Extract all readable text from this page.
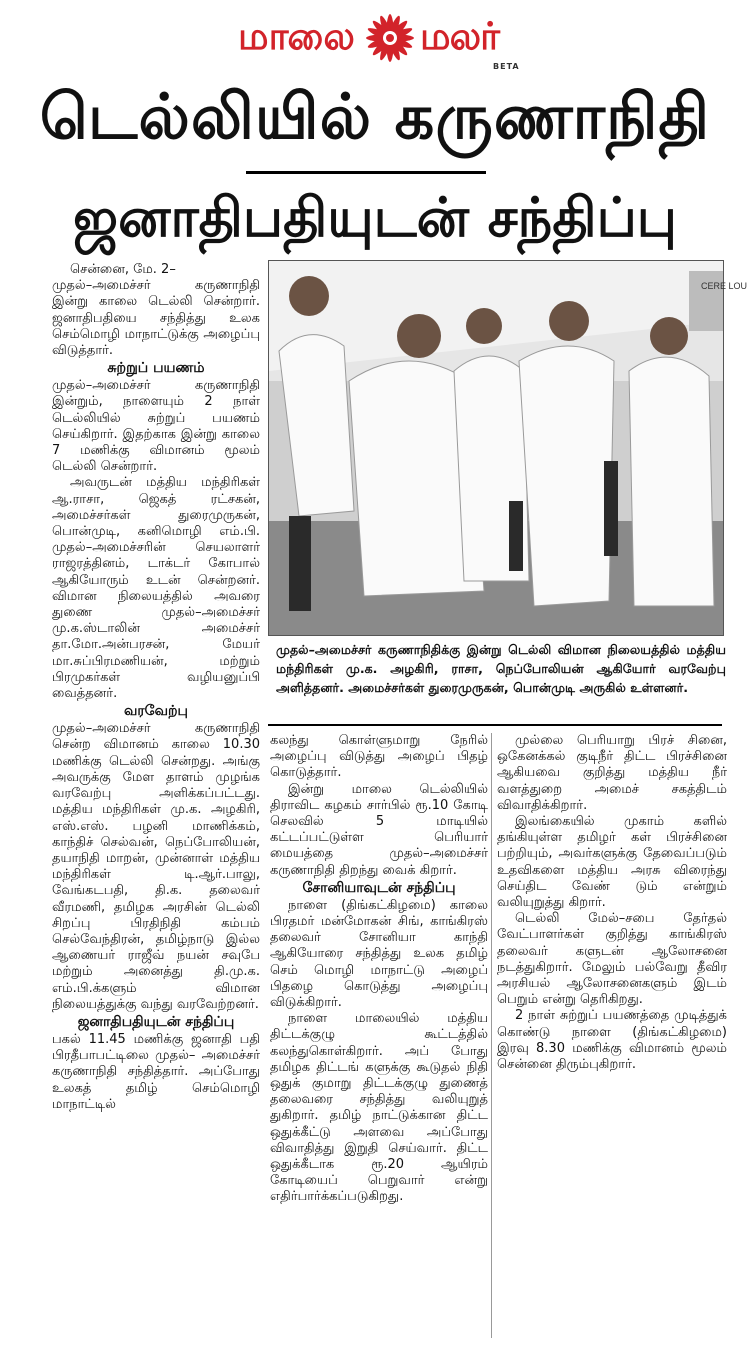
மாலை மலர்
BETA
டெல்லியில் கருணாநிதி
ஜனாதிபதியுடன் சந்திப்பு

சென்னை, மே. 2–

முதல்–அமைச்சர் கருணாநிதி இன்று காலை டெல்லி சென்றார். ஜனாதிபதியை சந்தித்து உலக செம்மொழி மாநாட்டுக்கு அழைப்பு விடுத்தார்.

சுற்றுப் பயணம்

முதல்–அமைச்சர் கருணாநிதி இன்றும், நாளையும் 2 நாள் டெல்லியில் சுற்றுப் பயணம் செய்கிறார். இதற்காக இன்று காலை 7 மணிக்கு விமானம் மூலம் டெல்லி சென்றார்.

அவருடன் மத்திய மந்திரிகள் ஆ.ராசா, ஜெகத் ரட்சகன், அமைச்சர்கள் துரைமுருகன், பொன்முடி, கனிமொழி எம்.பி. முதல்–அமைச்சரின் செயலாளர் ராஜரத்தினம், டாக்டர் கோபால் ஆகியோரும் உடன் சென்றனர். விமான நிலையத்தில் அவரை துணை முதல்–அமைச்சர் மு.க.ஸ்டாலின் அமைச்சர் தா.மோ.அன்பரசன், மேயர் மா.சுப்பிரமணியன், மற்றும் பிரமுகர்கள் வழியனுப்பி வைத்தனர்.

வரவேற்பு

முதல்–அமைச்சர் கருணாநிதி சென்ற விமானம் காலை 10.30 மணிக்கு டெல்லி சென்றது. அங்கு அவருக்கு மேள தாளம் முழங்க வரவேற்பு அளிக்கப்பட்டது. மத்திய மந்திரிகள் மு.க. அழகிரி, எஸ்.எஸ். பழனி மாணிக்கம், காந்திச் செல்வன், நெப்போலியன், தயாநிதி மாறன், முன்னாள் மத்திய மந்திரிகள் டி.ஆர்.பாலு, வேங்கடபதி, தி.க. தலைவர் வீரமணி, தமிழக அரசின் டெல்லி சிறப்பு பிரதிநிதி கம்பம் செல்வேந்திரன், தமிழ்நாடு இல்ல ஆணையர் ராஜீவ் நயன் சவுபே மற்றும் அனைத்து தி.மு.க. எம்.பி.க்களும் விமான நிலையத்துக்கு வந்து வரவேற்றனர்.

ஜனாதிபதியுடன் சந்திப்பு

பகல் 11.45 மணிக்கு ஜனாதி பதி பிரதீபாபட்டிலை முதல்– அமைச்சர் கருணாநிதி சந்தித்தார். அப்போது உலகத் தமிழ் செம்மொழி மாநாட்டில்

CERE LOU
முதல்–அமைச்சர் கருணாநிதிக்கு இன்று டெல்லி விமான நிலையத்தில் மத்திய மந்திரிகள் மு.க. அழகிரி, ராசா, நெப்போலியன் ஆகியோர் வரவேற்பு அளித்தனர். அமைச்சர்கள் துரைமுருகன், பொன்முடி அருகில் உள்ளனர்.

கலந்து கொள்ளுமாறு நேரில் அழைப்பு விடுத்து அழைப் பிதழ் கொடுத்தார்.

இன்று மாலை டெல்லியில் திராவிட கழகம் சார்பில் ரூ.10 கோடி செலவில் 5 மாடியில் கட்டப்பட்டுள்ள பெரியார் மையத்தை முதல்–அமைச்சர் கருணாநிதி திறந்து வைக் கிறார்.

சோனியாவுடன் சந்திப்பு

நாளை (திங்கட்கிழமை) காலை பிரதமர் மன்மோகன் சிங், காங்கிரஸ் தலைவர் சோனியா காந்தி ஆகியோரை சந்தித்து உலக தமிழ் செம் மொழி மாநாட்டு அழைப் பிதழை கொடுத்து அழைப்பு விடுக்கிறார்.

நாளை மாலையில் மத்திய திட்டக்குழு கூட்டத்தில் கலந்துகொள்கிறார். அப் போது தமிழக திட்டங் களுக்கு கூடுதல் நிதி ஒதுக் குமாறு திட்டக்குழு துணைத் தலைவரை சந்தித்து வலியுறுத் துகிறார். தமிழ் நாட்டுக்கான திட்ட ஒதுக்கீட்டு அளவை அப்போது விவாதித்து இறுதி செய்வார். திட்ட ஒதுக்கீடாக ரூ.20 ஆயிரம் கோடியைப் பெறுவார் என்று எதிர்பார்க்கப்படுகிறது.

முல்லை பெரியாறு பிரச் சினை, ஒகேனக்கல் குடிநீர் திட்ட பிரச்சினை ஆகியவை குறித்து மத்திய நீர் வளத்துறை அமைச் சகத்திடம் விவாதிக்கிறார்.

இலங்கையில் முகாம் களில் தங்கியுள்ள தமிழர் கள் பிரச்சினை பற்றியும், அவர்களுக்கு தேவைப்படும் உதவிகளை மத்திய அரசு விரைந்து செய்திட வேண் டும் என்றும் வலியுறுத்து கிறார்.

டெல்லி மேல்–சபை தேர்தல் வேட்பாளர்கள் குறித்து காங்கிரஸ் தலைவர் களுடன் ஆலோசனை நடத்துகிறார். மேலும் பல்வேறு தீவிர அரசியல் ஆலோசனைகளும் இடம் பெறும் என்று தெரிகிறது.

2 நாள் சுற்றுப் பயணத்தை முடித்துக் கொண்டு நாளை (திங்கட்கிழமை) இரவு 8.30 மணிக்கு விமானம் மூலம் சென்னை திரும்புகிறார்.
